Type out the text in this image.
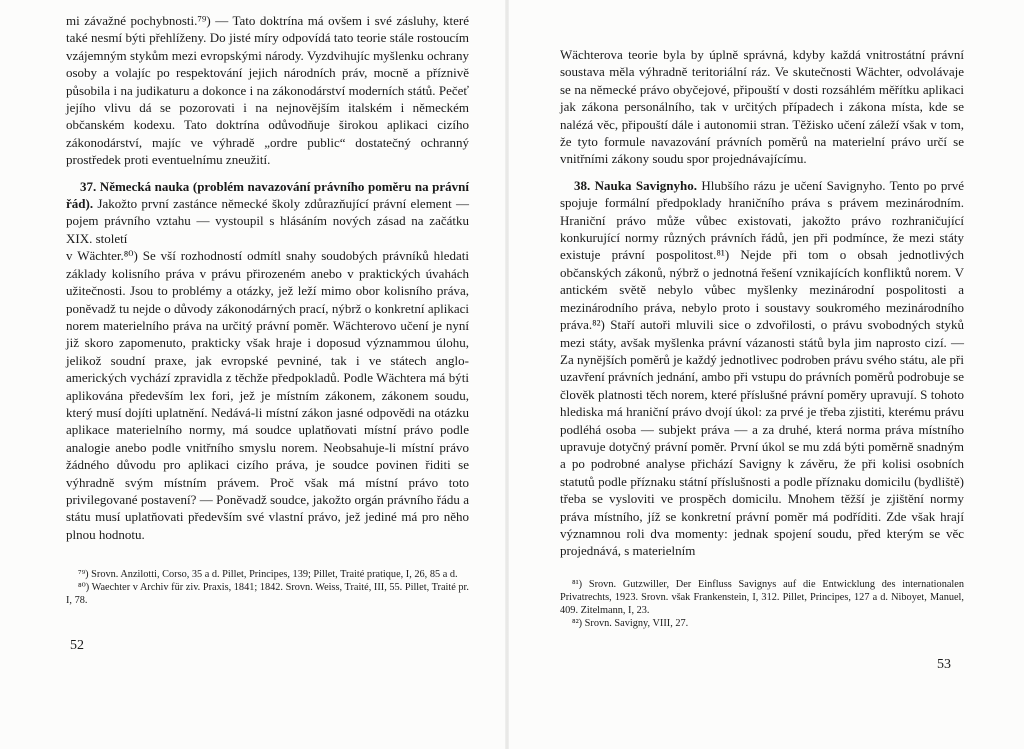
mi závažné pochybnosti.⁷⁹) — Tato doktrína má ovšem i své zásluhy, které také nesmí býti přehlíženy. Do jisté míry odpovídá tato teorie stále rostoucím vzájemným stykům mezi evropskými národy. Vyzdvihujíc myšlenku ochrany osoby a volajíc po respektování jejich národních práv, mocně a příznivě působila i na judikaturu a dokonce i na zákonodárství moderních států. Pečeť jejího vlivu dá se pozorovati i na nejnovějším italském i německém občanském kodexu. Tato doktrína odůvodňuje širokou aplikaci cizího zákonodárství, majíc ve výhradě „ordre public“ dostatečný ochranný prostředek proti eventuelnímu zneužití.

37. Německá nauka (problém navazování právního poměru na právní řád). Jakožto první zastánce německé školy zdůrazňující právní element — pojem právního vztahu — vystoupil s hlásáním nových zásad na začátku XIX. století

v Wächter.⁸⁰) Se vší rozhodností odmítl snahy soudobých právníků hledati základy kolisního práva v právu přirozeném anebo v praktických úvahách užitečnosti. Jsou to problémy a otázky, jež leží mimo obor kolisního práva, poněvadž tu nejde o důvody zákonodárných prací, nýbrž o konkretní aplikaci norem materielního práva na určitý právní poměr. Wächterovo učení je nyní již skoro zapomenuto, prakticky však hraje i doposud význammou úlohu, jelikož soudní praxe, jak evropské pevniné, tak i ve státech anglo-amerických vychází zpravidla z těchže předpokladů. Podle Wächtera má býti aplikována především lex fori, jež je místním zákonem, zákonem soudu, který musí dojíti uplatnění. Nedává-li místní zákon jasné odpovědi na otázku aplikace materielního normy, má soudce uplatňovati místní právo podle analogie anebo podle vnitřního smyslu norem. Neobsahuje-li místní právo žádného důvodu pro aplikaci cizího práva, je soudce povinen řiditi se výhradně svým místním právem. Proč však má místní právo toto privilegované postavení? — Poněvadž soudce, jakožto orgán právního řádu a státu musí uplatňovati především své vlastní právo, jež jediné má pro něho plnou hodnotu.

⁷⁹) Srovn. Anzilotti, Corso, 35 a d. Pillet, Principes, 139; Pillet, Traité pratique, I, 26, 85 a d.
⁸⁰) Waechter v Archiv für ziv. Praxis, 1841; 1842. Srovn. Weiss, Traité, III, 55. Pillet, Traité pr. I, 78.
52

Wächterova teorie byla by úplně správná, kdyby každá vnitrostátní právní soustava měla výhradně teritoriální ráz. Ve skutečnosti Wächter, odvolávaje se na německé právo obyčejové, připouští v dosti rozsáhlém měřítku aplikaci jak zákona personálního, tak v určitých případech i zákona místa, kde se nalézá věc, připouští dále i autonomii stran. Těžisko učení záleží však v tom, že tyto formule navazování právních poměrů na materielní právo určí se vnitřními zákony soudu spor projednávajícímu.

38. Nauka Savignyho. Hlubšího rázu je učení Savignyho. Tento po prvé spojuje formální předpoklady hraničního práva s právem mezinárodním. Hraniční právo může vůbec existovati, jakožto právo rozhraničující konkurující normy různých právních řádů, jen při podmínce, že mezi státy existuje právní pospolitost.⁸¹) Nejde při tom o obsah jednotlivých občanských zákonů, nýbrž o jednotná řešení vznikajících konfliktů norem. V antickém světě nebylo vůbec myšlenky mezinárodní pospolitosti a mezinárodního práva, nebylo proto i soustavy soukromého mezinárodního práva.⁸²) Staří autoři mluvili sice o zdvořilosti, o právu svobodných styků mezi státy, avšak myšlenka právní vázanosti států byla jim naprosto cizí. — Za nynějších poměrů je každý jednotlivec podroben právu svého státu, ale při uzavření právních jednání, ambo při vstupu do právních poměrů podrobuje se člověk platnosti těch norem, které příslušné právní poměry upravují. S tohoto hlediska má hraniční právo dvojí úkol: za prvé je třeba zjistiti, kterému právu podléhá osoba — subjekt práva — a za druhé, která norma práva místního upravuje dotyčný právní poměr. První úkol se mu zdá býti poměrně snadným a po podrobné analyse přichází Savigny k závěru, že při kolisi osobních statutů podle příznaku státní příslušnosti a podle příznaku domicilu (bydliště) třeba se vysloviti ve prospěch domicilu. Mnohem těžší je zjištění normy práva místního, jíž se konkretní právní poměr má podříditi. Zde však hrají významnou roli dva momenty: jednak spojení soudu, před kterým se věc projednává, s materielním

⁸¹) Srovn. Gutzwiller, Der Einfluss Savignys auf die Entwicklung des internationalen Privatrechts, 1923. Srovn. však Frankenstein, I, 312. Pillet, Principes, 127 a d. Niboyet, Manuel, 409. Zitelmann, I, 23.
⁸²) Srovn. Savigny, VIII, 27.
53
